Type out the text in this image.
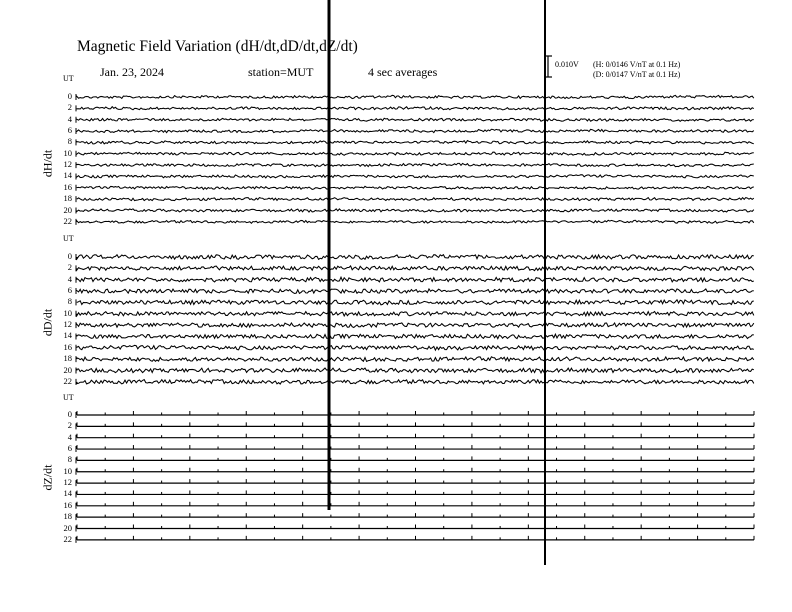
Magnetic Field Variation (dH/dt,dD/dt,dZ/dt)
Jan. 23, 2024	station=MUT	4 sec averages
0.010V (H: 0/0146 V/nT at 0.1 Hz)
(D: 0/0147 V/nT at 0.1 Hz)
UT
dH/dt
0
2
4
6
8
10
12
14
16
18
20
22
UT
dD/dt
0
2
4
6
8
10
12
14
16
18
20
22
UT
dZ/dt
0
2
4
6
8
10
12
14
16
18
20
22
